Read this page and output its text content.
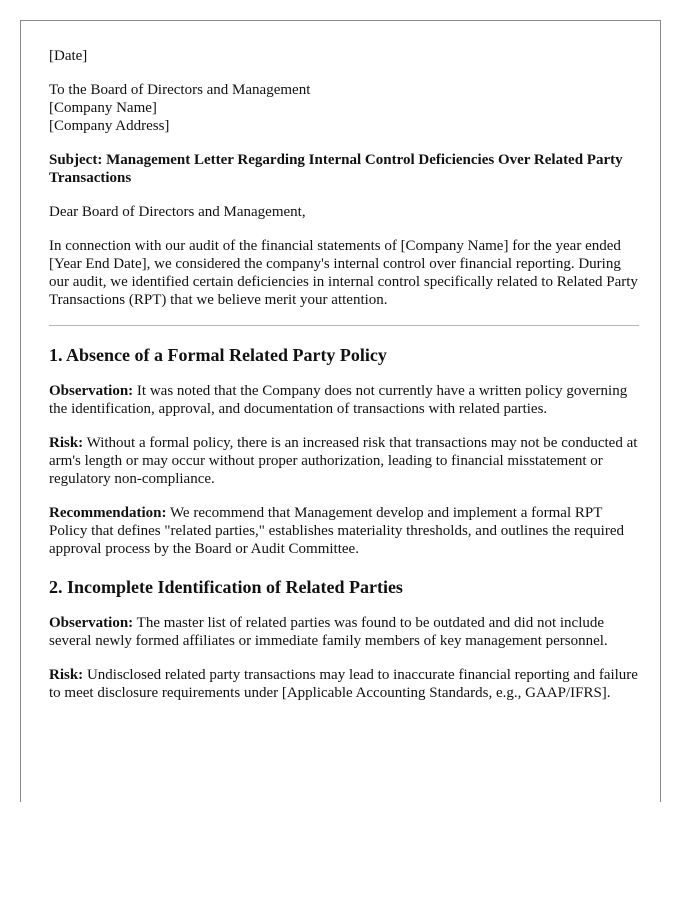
[Date]

To the Board of Directors and Management

[Company Name]

[Company Address]

Subject: Management Letter Regarding Internal Control Deficiencies Over Related Party Transactions

Dear Board of Directors and Management,

In connection with our audit of the financial statements of [Company Name] for the year ended [Year End Date], we considered the company's internal control over financial reporting. During our audit, we identified certain deficiencies in internal control specifically related to Related Party Transactions (RPT) that we believe merit your attention.

1. Absence of a Formal Related Party Policy

Observation: It was noted that the Company does not currently have a written policy governing the identification, approval, and documentation of transactions with related parties.

Risk: Without a formal policy, there is an increased risk that transactions may not be conducted at arm's length or may occur without proper authorization, leading to financial misstatement or regulatory non-compliance.

Recommendation: We recommend that Management develop and implement a formal RPT Policy that defines "related parties," establishes materiality thresholds, and outlines the required approval process by the Board or Audit Committee.

2. Incomplete Identification of Related Parties

Observation: The master list of related parties was found to be outdated and did not include several newly formed affiliates or immediate family members of key management personnel.

Risk: Undisclosed related party transactions may lead to inaccurate financial reporting and failure to meet disclosure requirements under [Applicable Accounting Standards, e.g., GAAP/IFRS].
